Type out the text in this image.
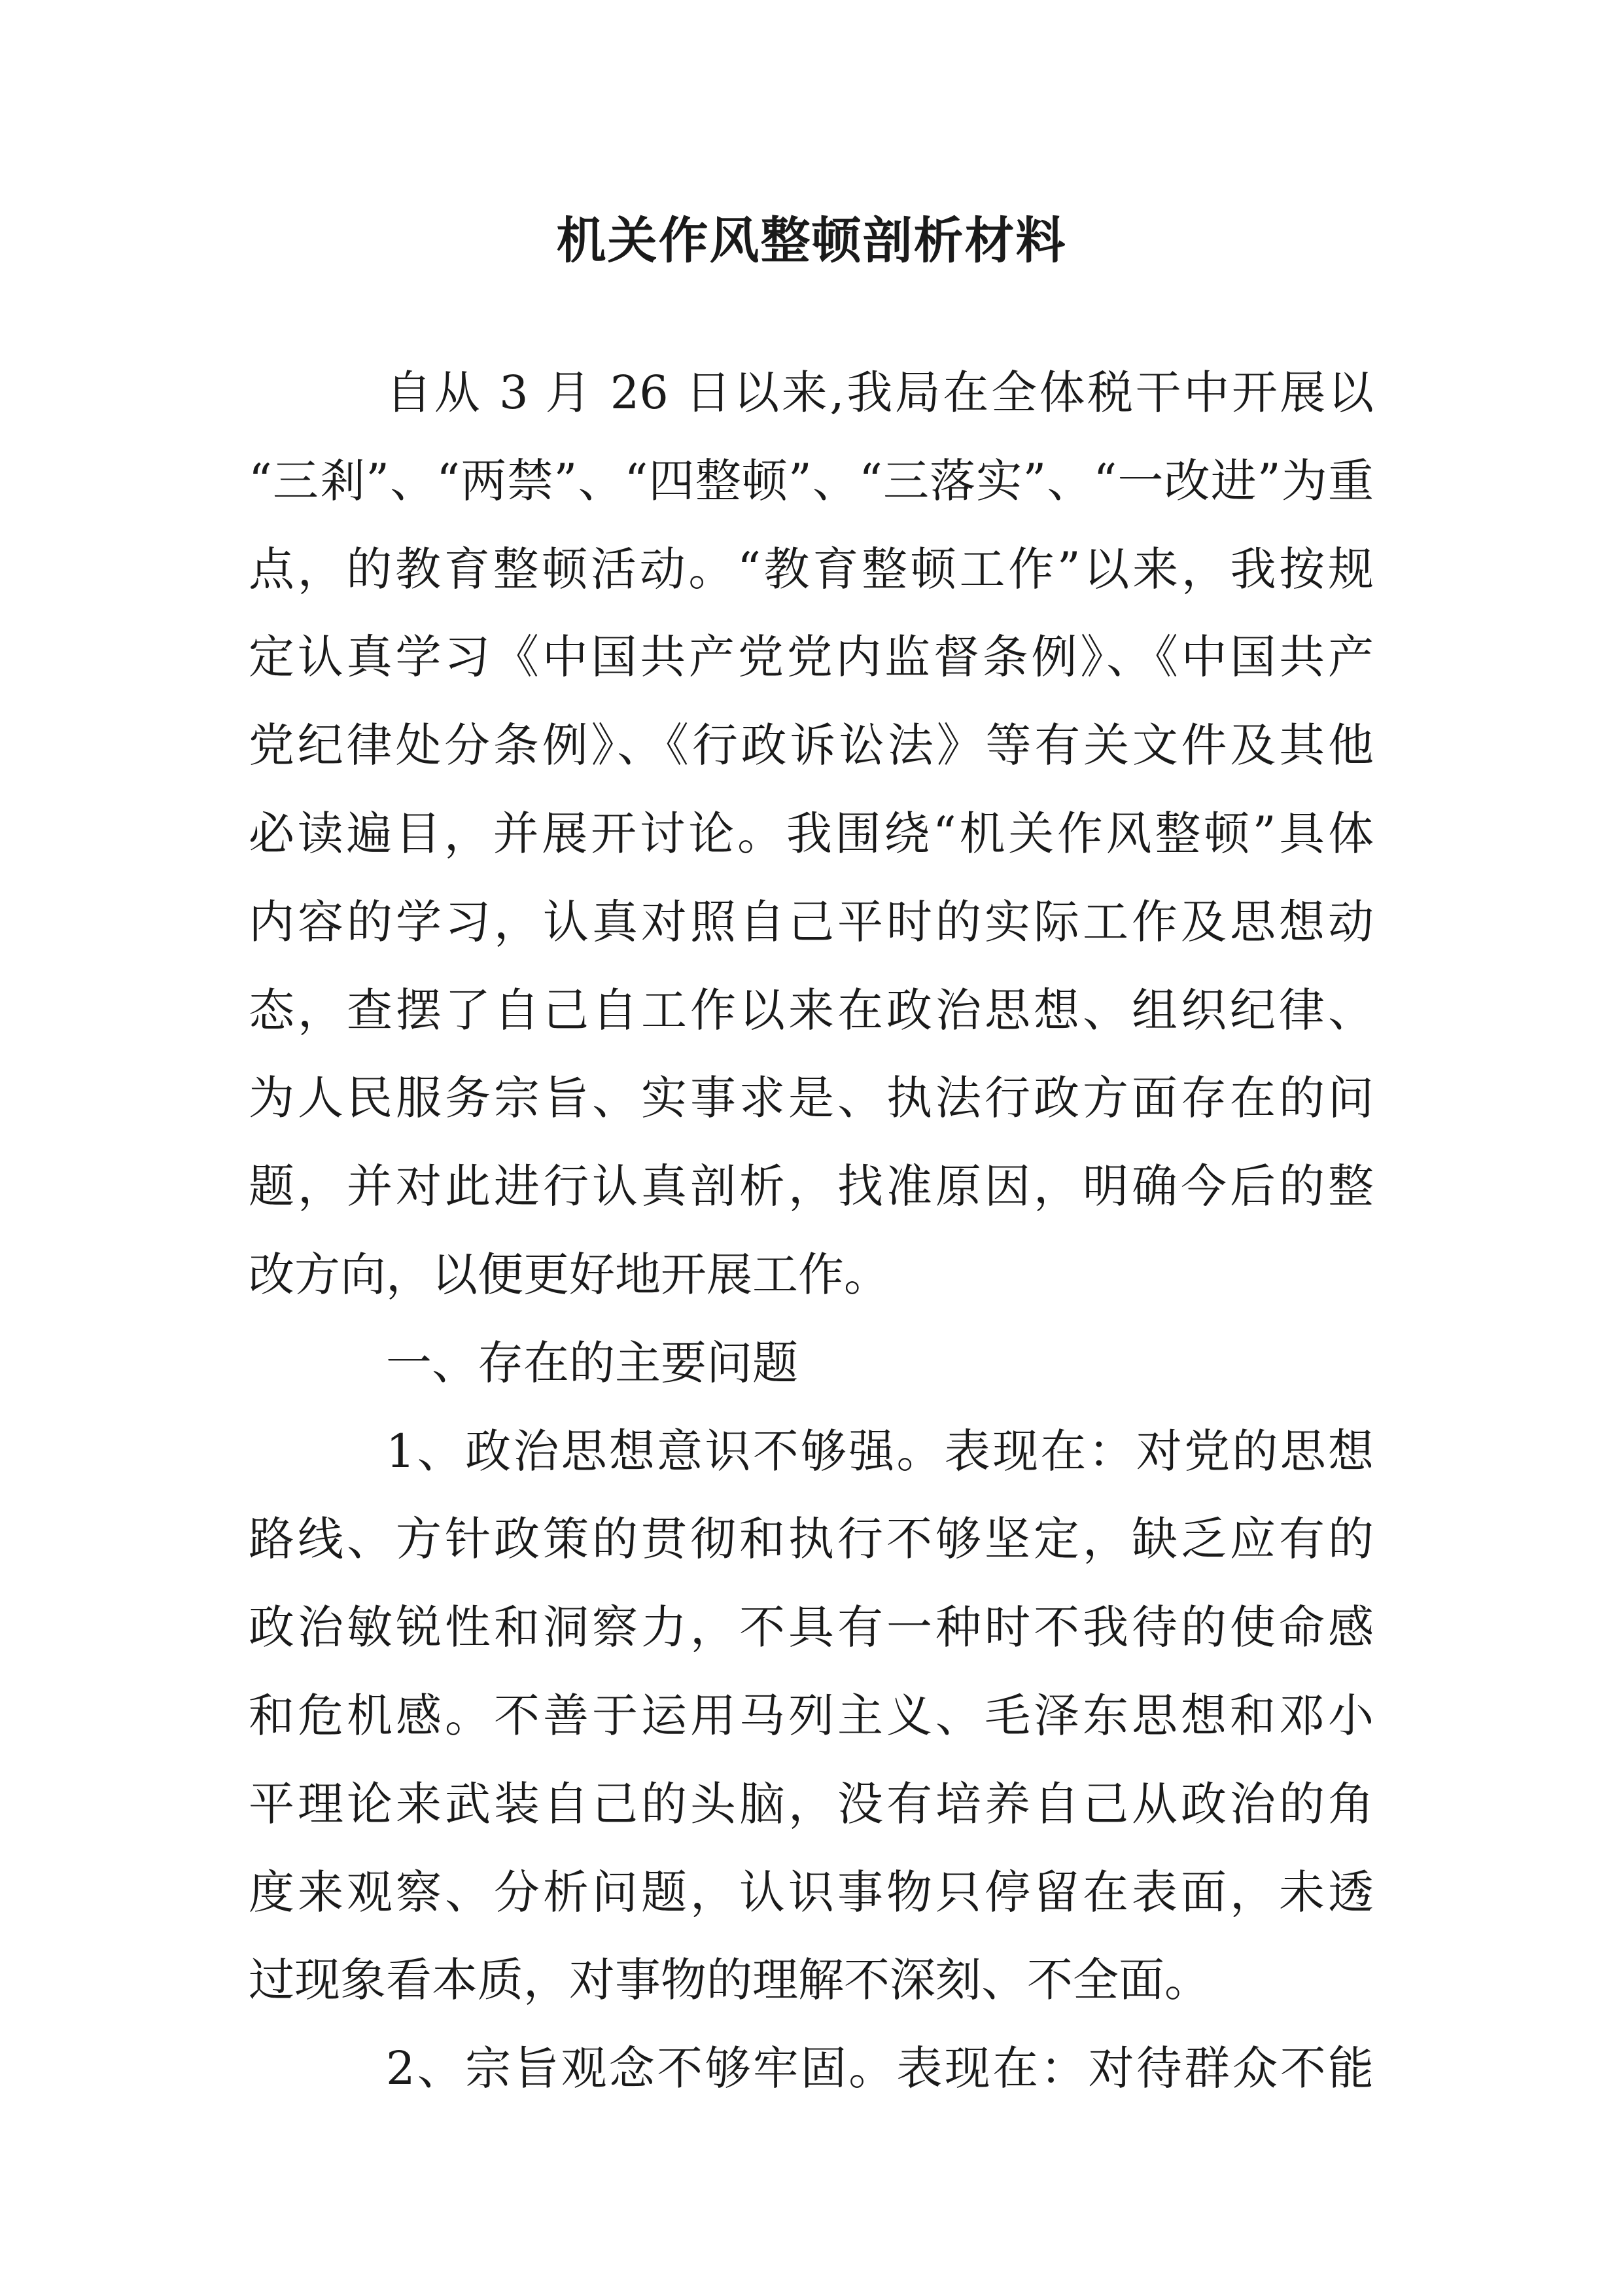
机关作风整顿剖析材料
自从 3 月 26 日以来,我局在全体税干中开展以
“三剎”、“两禁”、“四整顿”、“三落实”、“一改进”为重
点，的教育整顿活动。“教育整顿工作”以来，我按规
定认真学习《中国共产党党内监督条例》、《中国共产
党纪律处分条例》、《行政诉讼法》等有关文件及其他
必读遍目，并展开讨论。我围绕“机关作风整顿”具体
内容的学习，认真对照自己平时的实际工作及思想动
态，查摆了自己自工作以来在政治思想、组织纪律、
为人民服务宗旨、实事求是、执法行政方面存在的问
题，并对此进行认真剖析，找准原因，明确今后的整
改方向，以便更好地开展工作。
一、存在的主要问题
1、政治思想意识不够强。表现在：对党的思想
路线、方针政策的贯彻和执行不够坚定，缺乏应有的
政治敏锐性和洞察力，不具有一种时不我待的使命感
和危机感。不善于运用马列主义、毛泽东思想和邓小
平理论来武装自己的头脑，没有培养自己从政治的角
度来观察、分析问题，认识事物只停留在表面，未透
过现象看本质，对事物的理解不深刻、不全面。
2、宗旨观念不够牢固。表现在：对待群众不能
